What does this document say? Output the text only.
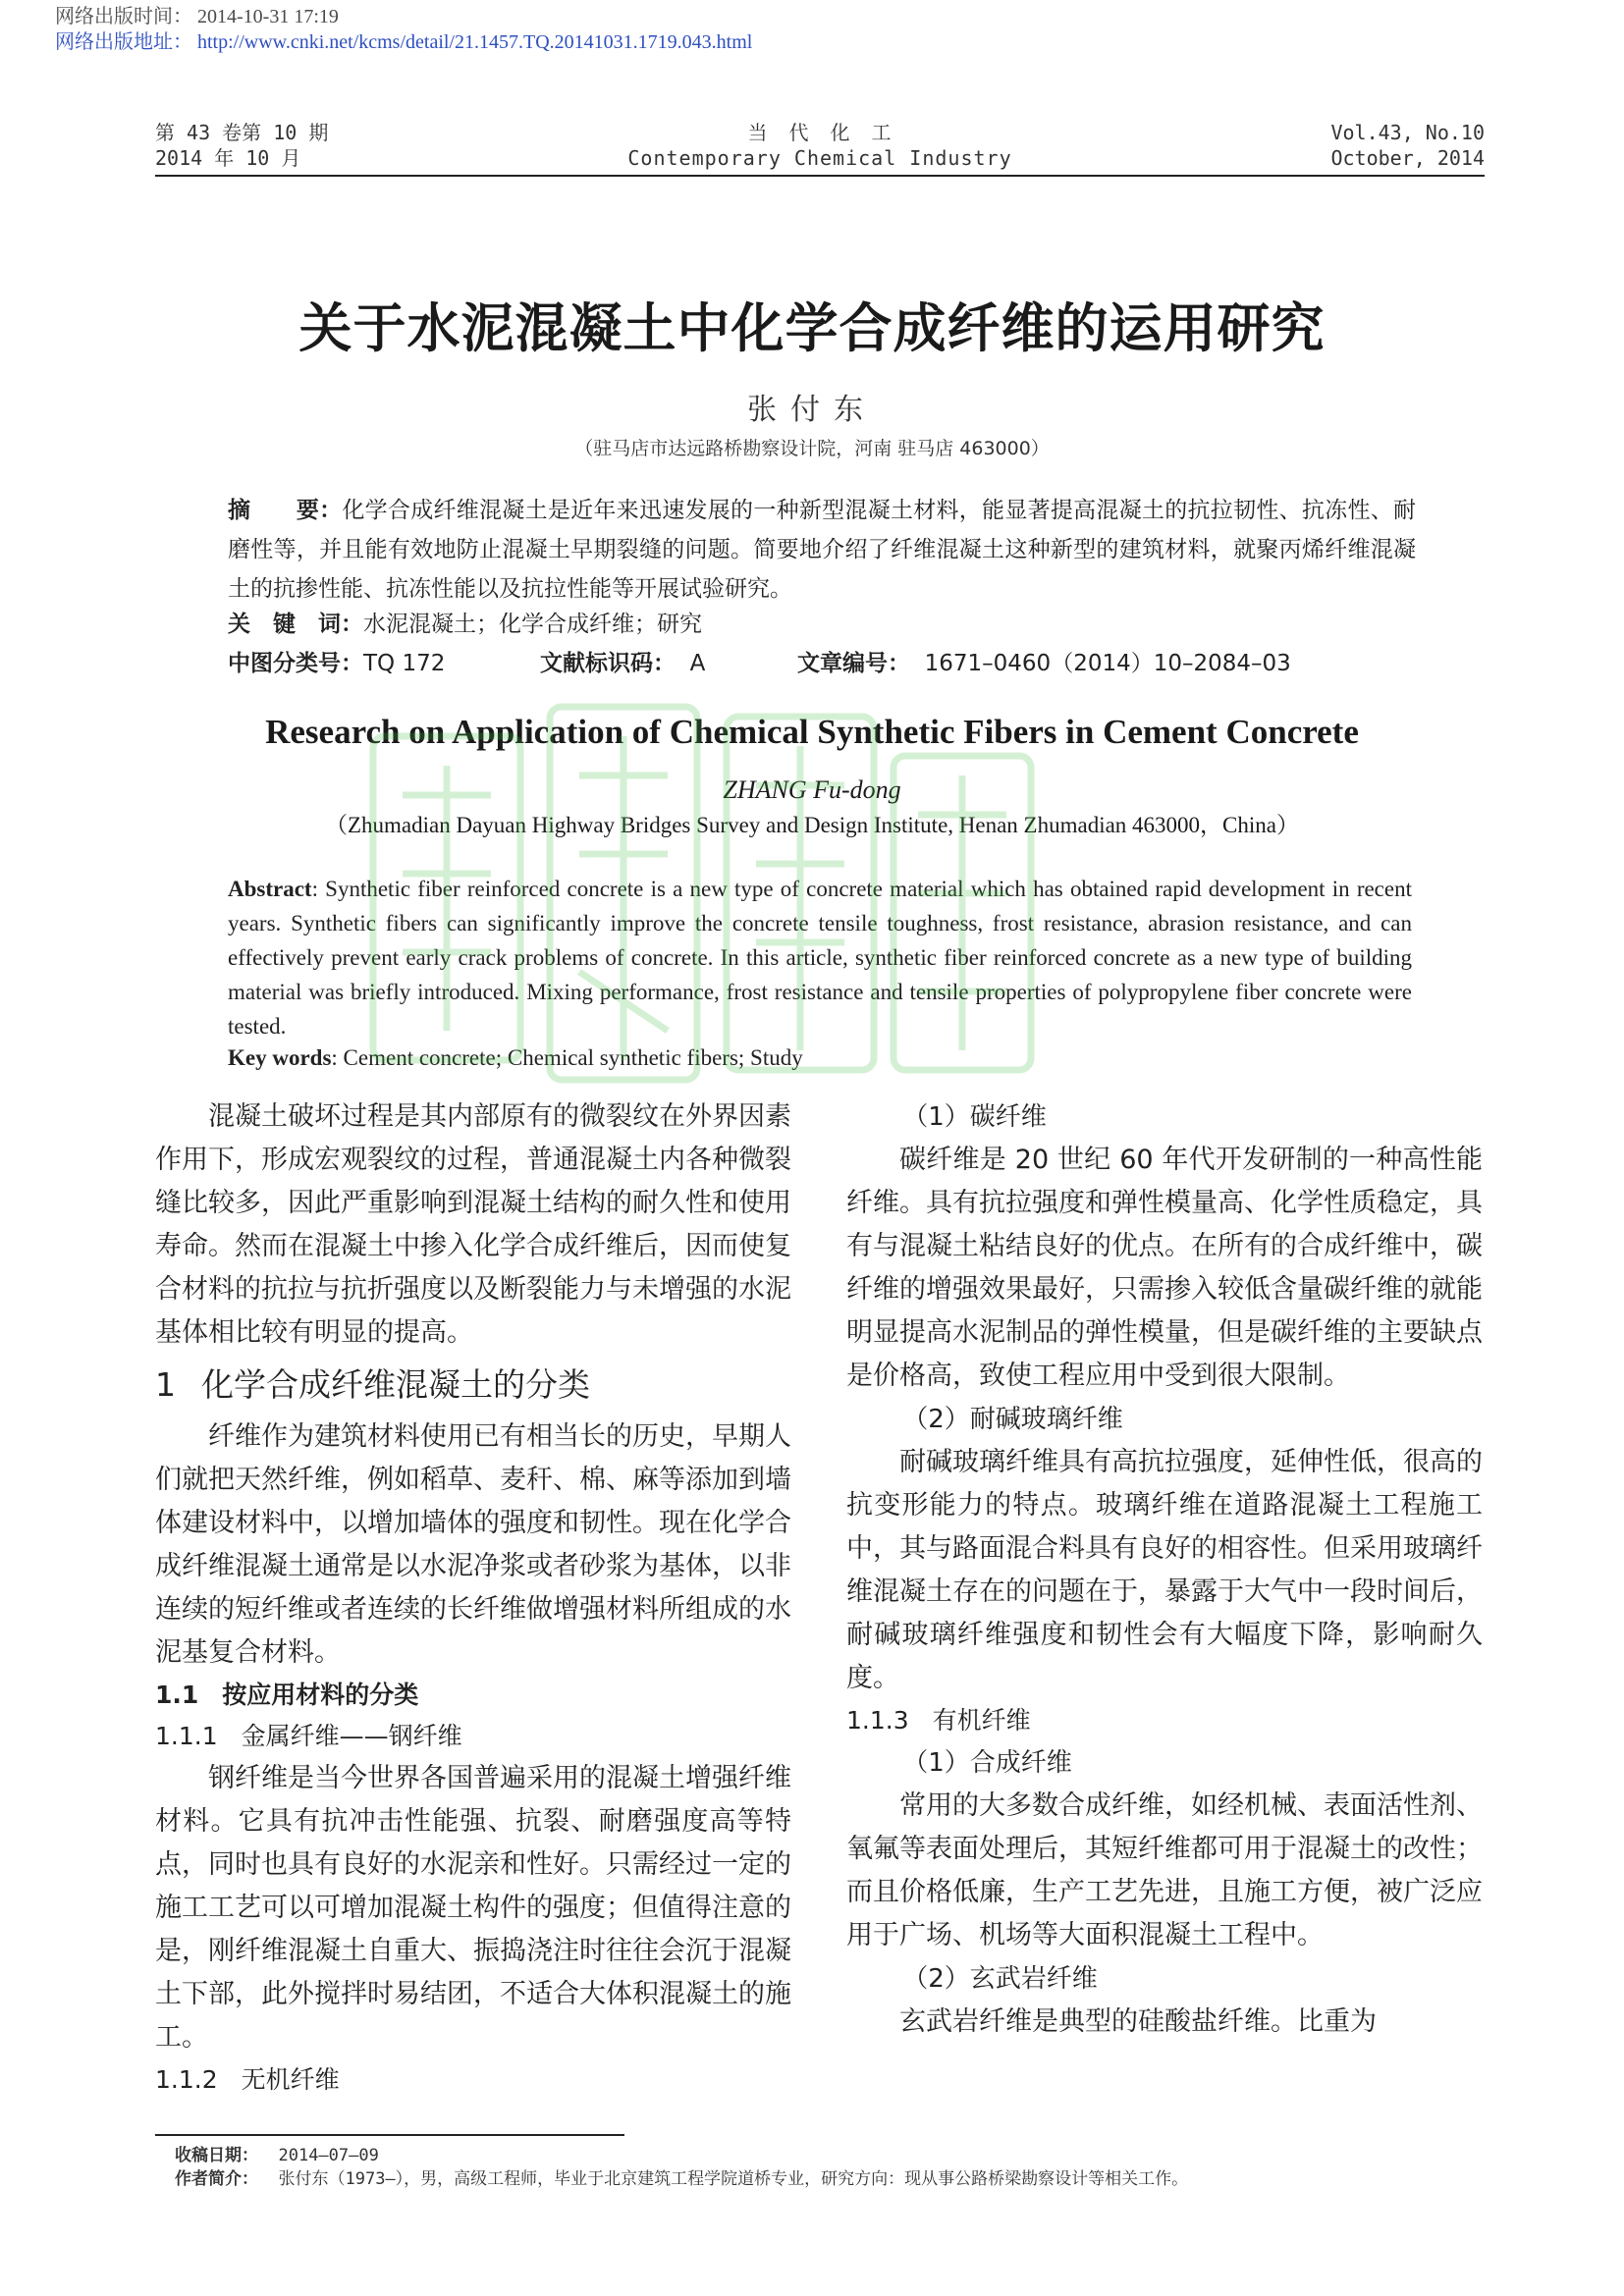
网络出版时间： 2014-10-31 17:19
网络出版地址： http://www.cnki.net/kcms/detail/21.1457.TQ.20141031.1719.043.html
第 43 卷第 10 期
2014 年 10 月
当　代　化　工
Contemporary Chemical Industry
Vol.43, No.10
October, 2014
关于水泥混凝土中化学合成纤维的运用研究
张付东
（驻马店市达远路桥勘察设计院，河南 驻马店 463000）
摘　　要：化学合成纤维混凝土是近年来迅速发展的一种新型混凝土材料，能显著提高混凝土的抗拉韧性、抗冻性、耐磨性等，并且能有效地防止混凝土早期裂缝的问题。简要地介绍了纤维混凝土这种新型的建筑材料，就聚丙烯纤维混凝土的抗掺性能、抗冻性能以及抗拉性能等开展试验研究。
关　键　词：水泥混凝土；化学合成纤维；研究
中图分类号：TQ 172	文献标识码： A	文章编号： 1671–0460（2014）10–2084–03
Research on Application of Chemical Synthetic Fibers in Cement Concrete
ZHANG Fu-dong
（Zhumadian Dayuan Highway Bridges Survey and Design Institute, Henan Zhumadian 463000，China）
Abstract: Synthetic fiber reinforced concrete is a new type of concrete material which has obtained rapid development in recent years. Synthetic fibers can significantly improve the concrete tensile toughness, frost resistance, abrasion resistance, and can effectively prevent early crack problems of concrete. In this article, synthetic fiber reinforced concrete as a new type of building material was briefly introduced. Mixing performance, frost resistance and tensile properties of polypropylene fiber concrete were tested.
Key words: Cement concrete; Chemical synthetic fibers; Study

混凝土破坏过程是其内部原有的微裂纹在外界因素作用下，形成宏观裂纹的过程，普通混凝土内各种微裂缝比较多，因此严重影响到混凝土结构的耐久性和使用寿命。然而在混凝土中掺入化学合成纤维后，因而使复合材料的抗拉与抗折强度以及断裂能力与未增强的水泥基体相比较有明显的提高。

1 化学合成纤维混凝土的分类

纤维作为建筑材料使用已有相当长的历史，早期人们就把天然纤维，例如稻草、麦秆、棉、麻等添加到墙体建设材料中，以增加墙体的强度和韧性。现在化学合成纤维混凝土通常是以水泥净浆或者砂浆为基体，以非连续的短纤维或者连续的长纤维做增强材料所组成的水泥基复合材料。

1.1 按应用材料的分类
1.1.1 金属纤维——钢纤维

钢纤维是当今世界各国普遍采用的混凝土增强纤维材料。它具有抗冲击性能强、抗裂、耐磨强度高等特点，同时也具有良好的水泥亲和性好。只需经过一定的施工工艺可以可增加混凝土构件的强度；但值得注意的是，刚纤维混凝土自重大、振捣浇注时往往会沉于混凝土下部，此外搅拌时易结团，不适合大体积混凝土的施工。

1.1.2 无机纤维
（1）碳纤维

碳纤维是 20 世纪 60 年代开发研制的一种高性能纤维。具有抗拉强度和弹性模量高、化学性质稳定，具有与混凝土粘结良好的优点。在所有的合成纤维中，碳纤维的增强效果最好，只需掺入较低含量碳纤维的就能明显提高水泥制品的弹性模量，但是碳纤维的主要缺点是价格高，致使工程应用中受到很大限制。

（2）耐碱玻璃纤维

耐碱玻璃纤维具有高抗拉强度，延伸性低，很高的抗变形能力的特点。玻璃纤维在道路混凝土工程施工中，其与路面混合料具有良好的相容性。但采用玻璃纤维混凝土存在的问题在于，暴露于大气中一段时间后，耐碱玻璃纤维强度和韧性会有大幅度下降，影响耐久度。

1.1.3 有机纤维
（1）合成纤维

常用的大多数合成纤维，如经机械、表面活性剂、氧氟等表面处理后，其短纤维都可用于混凝土的改性；而且价格低廉，生产工艺先进，且施工方便，被广泛应用于广场、机场等大面积混凝土工程中。

（2）玄武岩纤维

玄武岩纤维是典型的硅酸盐纤维。比重为

收稿日期： 2014–07–09
作者简介： 张付东（1973–），男，高级工程师，毕业于北京建筑工程学院道桥专业，研究方向：现从事公路桥梁勘察设计等相关工作。
